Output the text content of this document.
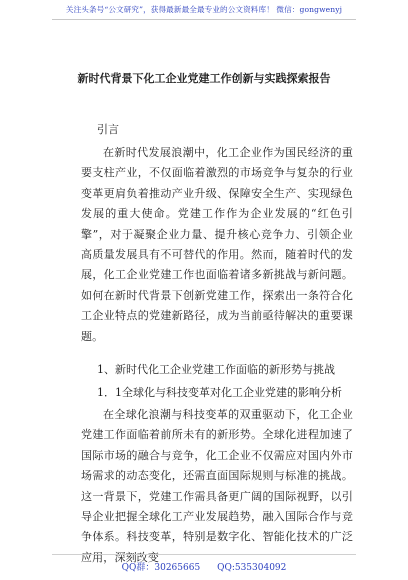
关注头条号“公文研究”，获得最新最全最专业的公文资料库！ 微信：gongwenyj
新时代背景下化工企业党建工作创新与实践探索报告
引言

在新时代发展浪潮中，化工企业作为国民经济的重要支柱产业，不仅面临着激烈的市场竞争与复杂的行业变革更肩负着推动产业升级、保障安全生产、实现绿色发展的重大使命。党建工作作为企业发展的“红色引擎”，对于凝聚企业力量、提升核心竞争力、引领企业高质量发展具有不可替代的作用。然而，随着时代的发展，化工企业党建工作也面临着诸多新挑战与新问题。如何在新时代背景下创新党建工作，探索出一条符合化工企业特点的党建新路径，成为当前亟待解决的重要课题。

1、新时代化工企业党建工作面临的新形势与挑战
1．1全球化与科技变革对化工企业党建的影响分析

在全球化浪潮与科技变革的双重驱动下，化工企业党建工作面临着前所未有的新形势。全球化进程加速了国际市场的融合与竞争，化工企业不仅需应对国内外市场需求的动态变化，还需直面国际规则与标准的挑战。这一背景下，党建工作需具备更广阔的国际视野，以引导企业把握全球化工产业发展趋势，融入国际合作与竞争体系。科技变革，特别是数字化、智能化技术的广泛应用，深刻改变

QQ群：30265665 QQ:535304092
